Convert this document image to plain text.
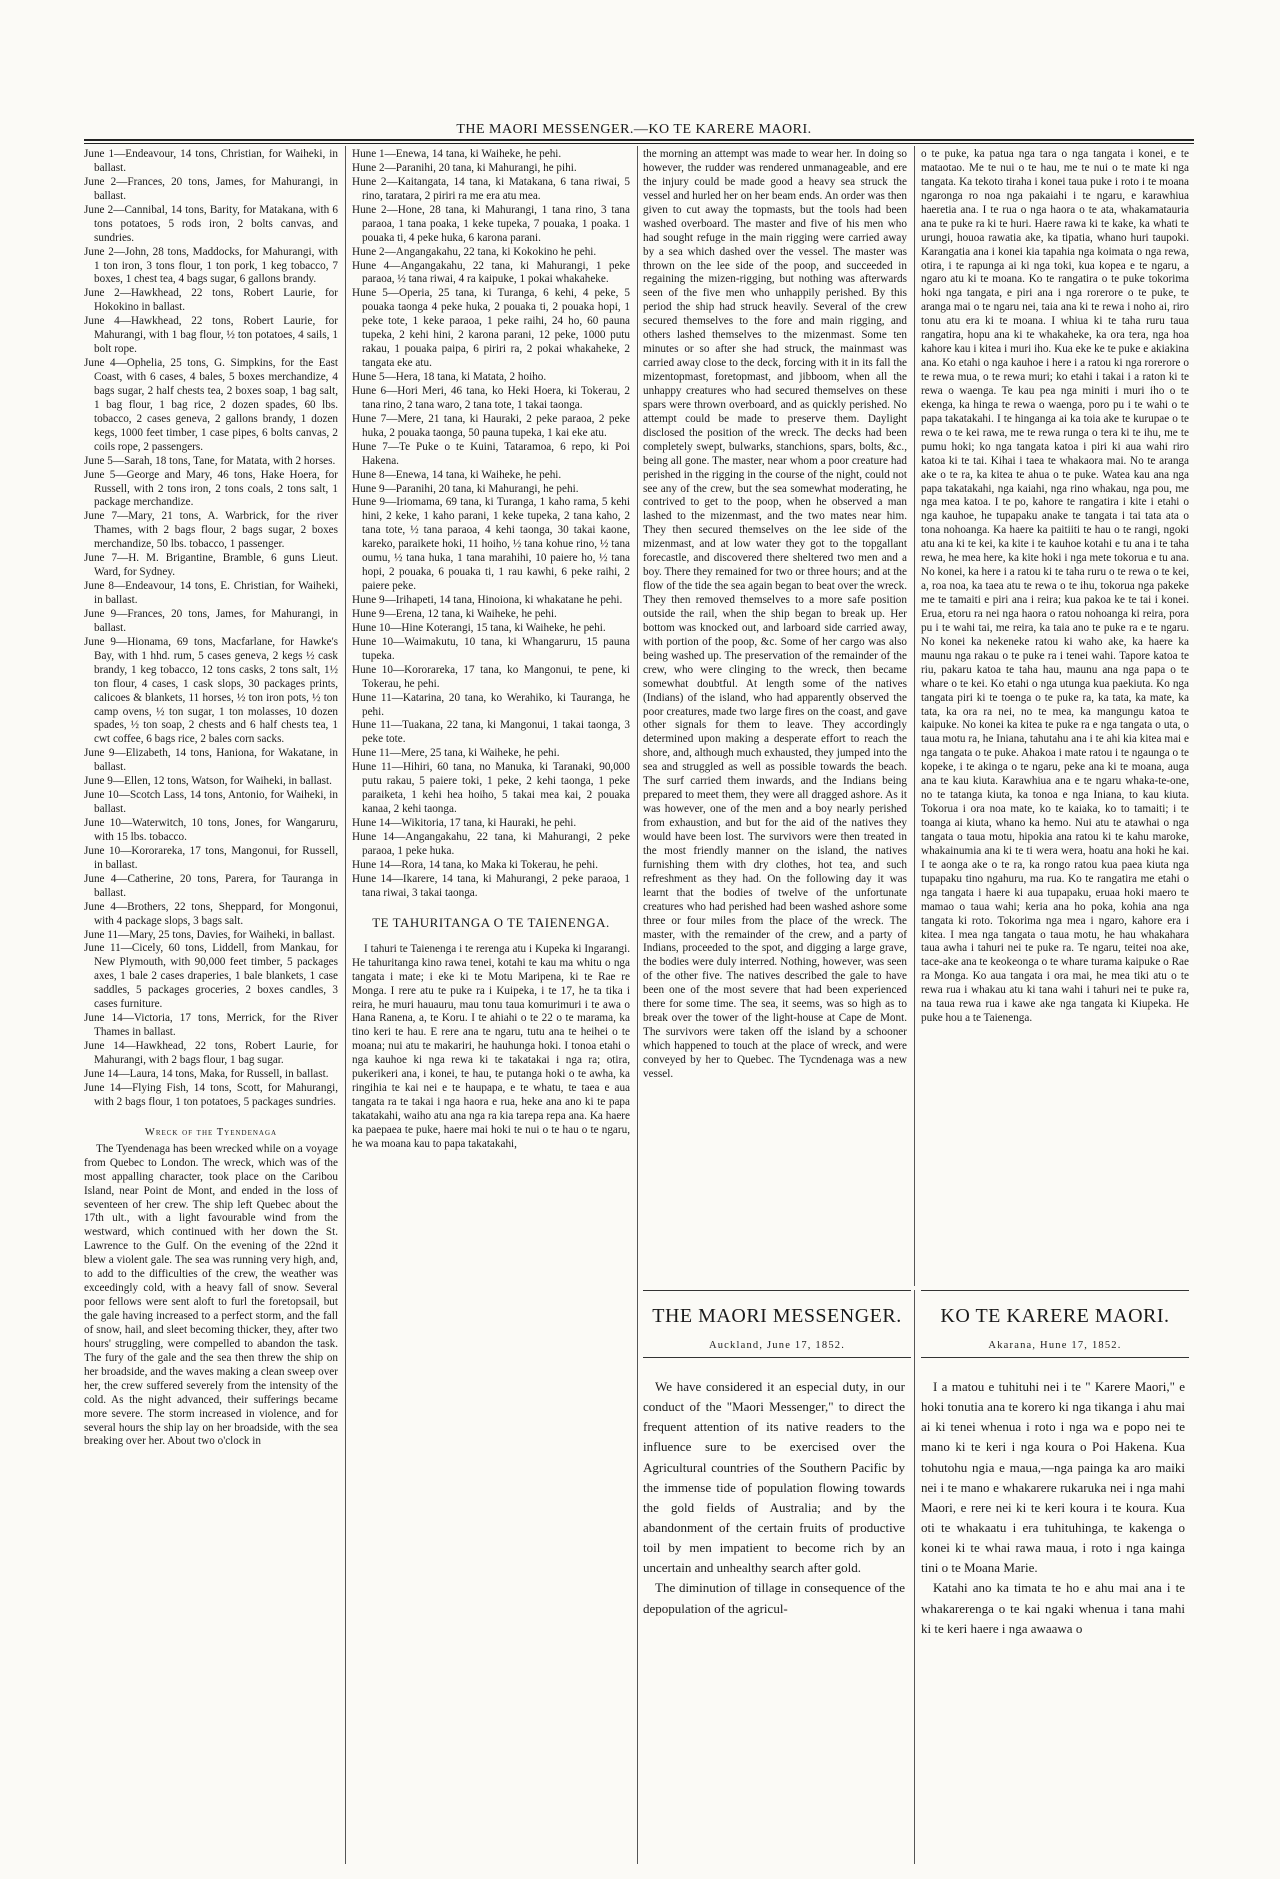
THE MAORI MESSENGER.—KO TE KARERE MAORI.
June 1—Endeavour, 14 tons, Christian, for Waiheki, in ballast.
June 2—Frances, 20 tons, James, for Mahurangi, in ballast.
June 2—Cannibal, 14 tons, Barity, for Matakana, with 6 tons potatoes, 5 rods iron, 2 bolts canvas, and sundries.
June 2—John, 28 tons, Maddocks, for Mahurangi, with 1 ton iron, 3 tons flour, 1 ton pork, 1 keg tobacco, 7 boxes, 1 chest tea, 4 bags sugar, 6 gallons brandy.
June 2—Hawkhead, 22 tons, Robert Laurie, for Hokokino in ballast.
June 4—Hawkhead, 22 tons, Robert Laurie, for Mahurangi, with 1 bag flour, ½ ton potatoes, 4 sails, 1 bolt rope.
June 4—Ophelia, 25 tons, G. Simpkins, for the East Coast, with 6 cases, 4 bales, 5 boxes merchandize, 4 bags sugar, 2 half chests tea, 2 boxes soap, 1 bag salt, 1 bag flour, 1 bag rice, 2 dozen spades, 60 lbs. tobacco, 2 cases geneva, 2 gallons brandy, 1 dozen kegs, 1000 feet timber, 1 case pipes, 6 bolts canvas, 2 coils rope, 2 passengers.
June 5—Sarah, 18 tons, Tane, for Matata, with 2 horses.
June 5—George and Mary, 46 tons, Hake Hoera, for Russell, with 2 tons iron, 2 tons coals, 2 tons salt, 1 package merchandize.
June 7—Mary, 21 tons, A. Warbrick, for the river Thames, with 2 bags flour, 2 bags sugar, 2 boxes merchandize, 50 lbs. tobacco, 1 passenger.
June 7—H. M. Brigantine, Bramble, 6 guns Lieut. Ward, for Sydney.
June 8—Endeavour, 14 tons, E. Christian, for Waiheki, in ballast.
June 9—Frances, 20 tons, James, for Mahurangi, in ballast.
June 9—Hionama, 69 tons, Macfarlane, for Hawke's Bay, with 1 hhd. rum, 5 cases geneva, 2 kegs ½ cask brandy, 1 keg tobacco, 12 tons casks, 2 tons salt, 1½ ton flour, 4 cases, 1 cask slops, 30 packages prints, calicoes & blankets, 11 horses, ½ ton iron pots, ½ ton camp ovens, ½ ton sugar, 1 ton molasses, 10 dozen spades, ½ ton soap, 2 chests and 6 half chests tea, 1 cwt coffee, 6 bags rice, 2 bales corn sacks.
June 9—Elizabeth, 14 tons, Haniona, for Wakatane, in ballast.
June 9—Ellen, 12 tons, Watson, for Waiheki, in ballast.
June 10—Scotch Lass, 14 tons, Antonio, for Waiheki, in ballast.
June 10—Waterwitch, 10 tons, Jones, for Wangaruru, with 15 lbs. tobacco.
June 10—Kororareka, 17 tons, Mangonui, for Russell, in ballast.
June 4—Catherine, 20 tons, Parera, for Tauranga in ballast.
June 4—Brothers, 22 tons, Sheppard, for Mongonui, with 4 package slops, 3 bags salt.
June 11—Mary, 25 tons, Davies, for Waiheki, in ballast.
June 11—Cicely, 60 tons, Liddell, from Mankau, for New Plymouth, with 90,000 feet timber, 5 packages axes, 1 bale 2 cases draperies, 1 bale blankets, 1 case saddles, 5 packages groceries, 2 boxes candles, 3 cases furniture.
June 14—Victoria, 17 tons, Merrick, for the River Thames in ballast.
June 14—Hawkhead, 22 tons, Robert Laurie, for Mahurangi, with 2 bags flour, 1 bag sugar.
June 14—Laura, 14 tons, Maka, for Russell, in ballast.
June 14—Flying Fish, 14 tons, Scott, for Mahurangi, with 2 bags flour, 1 ton potatoes, 5 packages sundries.
Wreck of the Tyendenaga

The Tyendenaga has been wrecked while on a voyage from Quebec to London. The wreck, which was of the most appalling character, took place on the Caribou Island, near Point de Mont, and ended in the loss of seventeen of her crew. The ship left Quebec about the 17th ult., with a light favourable wind from the westward, which continued with her down the St. Lawrence to the Gulf. On the evening of the 22nd it blew a violent gale. The sea was running very high, and, to add to the difficulties of the crew, the weather was exceedingly cold, with a heavy fall of snow. Several poor fellows were sent aloft to furl the foretopsail, but the gale having increased to a perfect storm, and the fall of snow, hail, and sleet becoming thicker, they, after two hours' struggling, were compelled to abandon the task. The fury of the gale and the sea then threw the ship on her broadside, and the waves making a clean sweep over her, the crew suffered severely from the intensity of the cold. As the night advanced, their sufferings became more severe. The storm increased in violence, and for several hours the ship lay on her broadside, with the sea breaking over her. About two o'clock in

Hune 1—Enewa, 14 tana, ki Waiheke, he pehi.
Hune 2—Paranihi, 20 tana, ki Mahurangi, he pihi.
Hune 2—Kaitangata, 14 tana, ki Matakana, 6 tana riwai, 5 rino, taratara, 2 piriri ra me era atu mea.
Hune 2—Hone, 28 tana, ki Mahurangi, 1 tana rino, 3 tana paraoa, 1 tana poaka, 1 keke tupeka, 7 pouaka, 1 poaka. 1 pouaka ti, 4 peke huka, 6 karona parani.
Hune 2—Angangakahu, 22 tana, ki Kokokino he pehi.
Hune 4—Angangakahu, 22 tana, ki Mahurangi, 1 peke paraoa, ½ tana riwai, 4 ra kaipuke, 1 pokai whakaheke.
Hune 5—Operia, 25 tana, ki Turanga, 6 kehi, 4 peke, 5 pouaka taonga 4 peke huka, 2 pouaka ti, 2 pouaka hopi, 1 peke tote, 1 keke paraoa, 1 peke raihi, 24 ho, 60 pauna tupeka, 2 kehi hini, 2 karona parani, 12 peke, 1000 putu rakau, 1 pouaka paipa, 6 piriri ra, 2 pokai whakaheke, 2 tangata eke atu.
Hune 5—Hera, 18 tana, ki Matata, 2 hoiho.
Hune 6—Hori Meri, 46 tana, ko Heki Hoera, ki Tokerau, 2 tana rino, 2 tana waro, 2 tana tote, 1 takai taonga.
Hune 7—Mere, 21 tana, ki Hauraki, 2 peke paraoa, 2 peke huka, 2 pouaka taonga, 50 pauna tupeka, 1 kai eke atu.
Hune 7—Te Puke o te Kuini, Tataramoa, 6 repo, ki Poi Hakena.
Hune 8—Enewa, 14 tana, ki Waiheke, he pehi.
Hune 9—Paranihi, 20 tana, ki Mahurangi, he pehi.
Hune 9—Iriomama, 69 tana, ki Turanga, 1 kaho rama, 5 kehi hini, 2 keke, 1 kaho parani, 1 keke tupeka, 2 tana kaho, 2 tana tote, ½ tana paraoa, 4 kehi taonga, 30 takai kaone, kareko, paraikete hoki, 11 hoiho, ½ tana kohue rino, ½ tana oumu, ½ tana huka, 1 tana marahihi, 10 paiere ho, ½ tana hopi, 2 pouaka, 6 pouaka ti, 1 rau kawhi, 6 peke raihi, 2 paiere peke.
Hune 9—Irihapeti, 14 tana, Hinoiona, ki whakatane he pehi.
Hune 9—Erena, 12 tana, ki Waiheke, he pehi.
Hune 10—Hine Koterangi, 15 tana, ki Waiheke, he pehi.
Hune 10—Waimakutu, 10 tana, ki Whangaruru, 15 pauna tupeka.
Hune 10—Kororareka, 17 tana, ko Mangonui, te pene, ki Tokerau, he pehi.
Hune 11—Katarina, 20 tana, ko Werahiko, ki Tauranga, he pehi.
Hune 11—Tuakana, 22 tana, ki Mangonui, 1 takai taonga, 3 peke tote.
Hune 11—Mere, 25 tana, ki Waiheke, he pehi.
Hune 11—Hihiri, 60 tana, no Manuka, ki Taranaki, 90,000 putu rakau, 5 paiere toki, 1 peke, 2 kehi taonga, 1 peke paraiketa, 1 kehi hea hoiho, 5 takai mea kai, 2 pouaka kanaa, 2 kehi taonga.
Hune 14—Wikitoria, 17 tana, ki Hauraki, he pehi.
Hune 14—Angangakahu, 22 tana, ki Mahurangi, 2 peke paraoa, 1 peke huka.
Hune 14—Rora, 14 tana, ko Maka ki Tokerau, he pehi.
Hune 14—Ikarere, 14 tana, ki Mahurangi, 2 peke paraoa, 1 tana riwai, 3 takai taonga.
TE TAHURITANGA O TE TAIENENGA.

I tahuri te Taienenga i te rerenga atu i Kupeka ki Ingarangi. He tahuritanga kino rawa tenei, kotahi te kau ma whitu o nga tangata i mate; i eke ki te Motu Maripena, ki te Rae re Monga. I rere atu te puke ra i Kuipeka, i te 17, he ta tika i reira, he muri hauauru, mau tonu taua komurimuri i te awa o Hana Ranena, a, te Koru. I te ahiahi o te 22 o te marama, ka tino keri te hau. E rere ana te ngaru, tutu ana te heihei o te moana; nui atu te makariri, he hauhunga hoki. I tonoa etahi o nga kauhoe ki nga rewa ki te takatakai i nga ra; otira, pukerikeri ana, i konei, te hau, te putanga hoki o te awha, ka ringihia te kai nei e te haupapa, e te whatu, te taea e aua tangata ra te takai i nga haora e rua, heke ana ano ki te papa takatakahi, waiho atu ana nga ra kia tarepa repa ana. Ka haere ka paepaea te puke, haere mai hoki te nui o te hau o te ngaru, he wa moana kau to papa takatakahi,

the morning an attempt was made to wear her. In doing so however, the rudder was rendered unmanageable, and ere the injury could be made good a heavy sea struck the vessel and hurled her on her beam ends. An order was then given to cut away the topmasts, but the tools had been washed overboard. The master and five of his men who had sought refuge in the main rigging were carried away by a sea which dashed over the vessel. The master was thrown on the lee side of the poop, and succeeded in regaining the mizen-rigging, but nothing was afterwards seen of the five men who unhappily perished. By this period the ship had struck heavily. Several of the crew secured themselves to the fore and main rigging, and others lashed themselves to the mizenmast. Some ten minutes or so after she had struck, the mainmast was carried away close to the deck, forcing with it in its fall the mizentopmast, foretopmast, and jibboom, when all the unhappy creatures who had secured themselves on these spars were thrown overboard, and as quickly perished. No attempt could be made to preserve them. Daylight disclosed the position of the wreck. The decks had been completely swept, bulwarks, stanchions, spars, bolts, &c., being all gone. The master, near whom a poor creature had perished in the rigging in the course of the night, could not see any of the crew, but the sea somewhat moderating, he contrived to get to the poop, when he observed a man lashed to the mizenmast, and the two mates near him. They then secured themselves on the lee side of the mizenmast, and at low water they got to the topgallant forecastle, and discovered there sheltered two men and a boy. There they remained for two or three hours; and at the flow of the tide the sea again began to beat over the wreck. They then removed themselves to a more safe position outside the rail, when the ship began to break up. Her bottom was knocked out, and larboard side carried away, with portion of the poop, &c. Some of her cargo was also being washed up. The preservation of the remainder of the crew, who were clinging to the wreck, then became somewhat doubtful. At length some of the natives (Indians) of the island, who had apparently observed the poor creatures, made two large fires on the coast, and gave other signals for them to leave. They accordingly determined upon making a desperate effort to reach the shore, and, although much exhausted, they jumped into the sea and struggled as well as possible towards the beach. The surf carried them inwards, and the Indians being prepared to meet them, they were all dragged ashore. As it was however, one of the men and a boy nearly perished from exhaustion, and but for the aid of the natives they would have been lost. The survivors were then treated in the most friendly manner on the island, the natives furnishing them with dry clothes, hot tea, and such refreshment as they had. On the following day it was learnt that the bodies of twelve of the unfortunate creatures who had perished had been washed ashore some three or four miles from the place of the wreck. The master, with the remainder of the crew, and a party of Indians, proceeded to the spot, and digging a large grave, the bodies were duly interred. Nothing, however, was seen of the other five. The natives described the gale to have been one of the most severe that had been experienced there for some time. The sea, it seems, was so high as to break over the tower of the light-house at Cape de Mont. The survivors were taken off the island by a schooner which happened to touch at the place of wreck, and were conveyed by her to Quebec. The Tycndenaga was a new vessel.

o te puke, ka patua nga tara o nga tangata i konei, e te mataotao. Me te nui o te hau, me te nui o te mate ki nga tangata. Ka tekoto tiraha i konei taua puke i roto i te moana ngaronga ro noa nga pakaiahi i te ngaru, e karawhiua haeretia ana. I te rua o nga haora o te ata, whakamatauria ana te puke ra ki te huri. Haere rawa ki te kake, ka whati te urungi, houoa rawatia ake, ka tipatia, whano huri taupoki. Karangatia ana i konei kia tapahia nga koimata o nga rewa, otira, i te rapunga ai ki nga toki, kua kopea e te ngaru, a ngaro atu ki te moana. Ko te rangatira o te puke tokorima hoki nga tangata, e piri ana i nga rorerore o te puke, te aranga mai o te ngaru nei, taia ana ki te rewa i noho ai, riro tonu atu era ki te moana. I whiua ki te taha ruru taua rangatira, hopu ana ki te whakaheke, ka ora tera, nga hoa kahore kau i kitea i muri iho. Kua eke ke te puke e akiakina ana. Ko etahi o nga kauhoe i here i a ratou ki nga rorerore o te rewa mua, o te rewa muri; ko etahi i takai i a raton ki te rewa o waenga. Te kau pea nga miniti i muri iho o te ekenga, ka hinga te rewa o waenga, poro pu i te wahi o te papa takatakahi. I te hinganga ai ka toia ake te kurupae o te rewa o te kei rawa, me te rewa runga o tera ki te ihu, me te pumu hoki; ko nga tangata katoa i piri ki aua wahi riro katoa ki te tai. Kihai i taea te whakaora mai. No te aranga ake o te ra, ka kitea te ahua o te puke. Watea kau ana nga papa takatakahi, nga kaiahi, nga rino whakau, nga pou, me nga mea katoa. I te po, kahore te rangatira i kite i etahi o nga kauhoe, he tupapaku anake te tangata i tai tata ata o tona nohoanga. Ka haere ka paitiiti te hau o te rangi, ngoki atu ana ki te kei, ka kite i te kauhoe kotahi e tu ana i te taha rewa, he mea here, ka kite hoki i nga mete tokorua e tu ana. No konei, ka here i a ratou ki te taha ruru o te rewa o te kei, a, roa noa, ka taea atu te rewa o te ihu, tokorua nga pakeke me te tamaiti e piri ana i reira; kua pakoa ke te tai i konei. Erua, etoru ra nei nga haora o ratou nohoanga ki reira, pora pu i te wahi tai, me reira, ka taia ano te puke ra e te ngaru. No konei ka nekeneke ratou ki waho ake, ka haere ka maunu nga rakau o te puke ra i tenei wahi. Tapore katoa te riu, pakaru katoa te taha hau, maunu ana nga papa o te whare o te kei. Ko etahi o nga utunga kua paekiuta. Ko nga tangata piri ki te toenga o te puke ra, ka tata, ka mate, ka tata, ka ora ra nei, no te mea, ka mangungu katoa te kaipuke. No konei ka kitea te puke ra e nga tangata o uta, o taua motu ra, he Iniana, tahutahu ana i te ahi kia kitea mai e nga tangata o te puke. Ahakoa i mate ratou i te ngaunga o te kopeke, i te akinga o te ngaru, peke ana ki te moana, auga ana te kau kiuta. Karawhiua ana e te ngaru whaka-te-one, no te tatanga kiuta, ka tonoa e nga Iniana, to kau kiuta. Tokorua i ora noa mate, ko te kaiaka, ko to tamaiti; i te toanga ai kiuta, whano ka hemo. Nui atu te atawhai o nga tangata o taua motu, hipokia ana ratou ki te kahu maroke, whakainumia ana ki te ti wera wera, hoatu ana hoki he kai. I te aonga ake o te ra, ka rongo ratou kua paea kiuta nga tupapaku tino ngahuru, ma rua. Ko te rangatira me etahi o nga tangata i haere ki aua tupapaku, eruaa hoki maero te mamao o taua wahi; keria ana ho poka, kohia ana nga tangata ki roto. Tokorima nga mea i ngaro, kahore era i kitea. I mea nga tangata o taua motu, he hau whakahara taua awha i tahuri nei te puke ra. Te ngaru, teitei noa ake, tace-ake ana te keokeonga o te whare turama kaipuke o Rae ra Monga. Ko aua tangata i ora mai, he mea tiki atu o te rewa rua i whakau atu ki tana wahi i tahuri nei te puke ra, na taua rewa rua i kawe ake nga tangata ki Kiupeka. He puke hou a te Taienenga.

THE MAORI MESSENGER.
Auckland, June 17, 1852.
KO TE KARERE MAORI.
Akarana, Hune 17, 1852.

We have considered it an especial duty, in our conduct of the "Maori Messenger," to direct the frequent attention of its native readers to the influence sure to be exercised over the Agricultural countries of the Southern Pacific by the immense tide of population flowing towards the gold fields of Australia; and by the abandonment of the certain fruits of productive toil by men impatient to become rich by an uncertain and unhealthy search after gold.

The diminution of tillage in consequence of the depopulation of the agricul-

I a matou e tuhituhi nei i te " Karere Maori," e hoki tonutia ana te korero ki nga tikanga i ahu mai ai ki tenei whenua i roto i nga wa e popo nei te mano ki te keri i nga koura o Poi Hakena. Kua tohutohu ngia e maua,—nga painga ka aro maiki nei i te mano e whakarere rukaruka nei i nga mahi Maori, e rere nei ki te keri koura i te koura. Kua oti te whakaatu i era tuhituhinga, te kakenga o konei ki te whai rawa maua, i roto i nga kainga tini o te Moana Marie.

Katahi ano ka timata te ho e ahu mai ana i te whakarerenga o te kai ngaki whenua i tana mahi ki te keri haere i nga awaawa o
